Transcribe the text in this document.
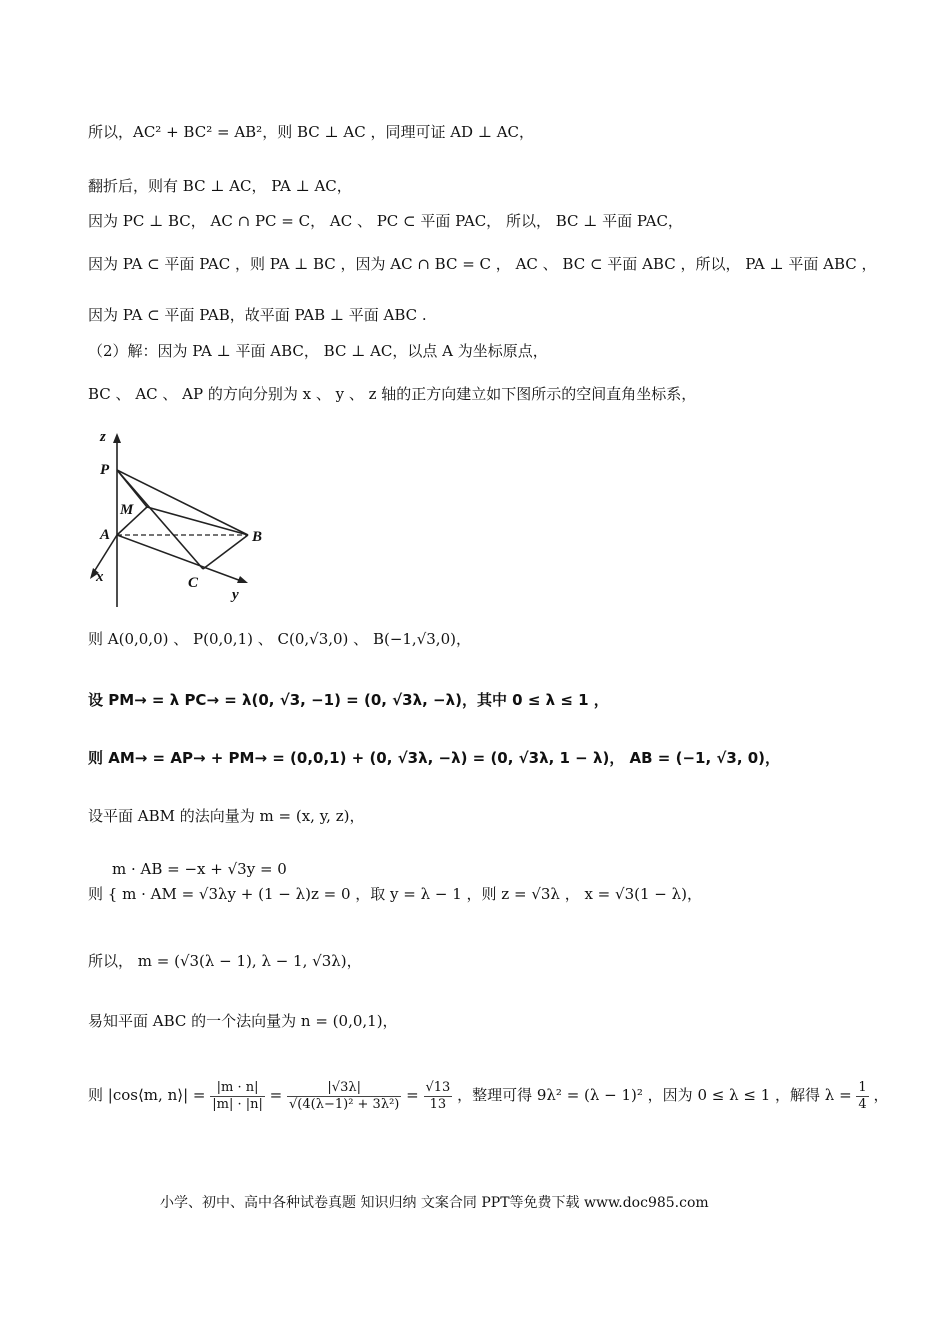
所以，AC² + BC² = AB²，则 BC ⊥ AC ，同理可证 AD ⊥ AC，
翻折后，则有 BC ⊥ AC， PA ⊥ AC，
因为 PC ⊥ BC， AC ∩ PC = C， AC 、 PC ⊂ 平面 PAC， 所以， BC ⊥ 平面 PAC，
因为 PA ⊂ 平面 PAC ，则 PA ⊥ BC ，因为 AC ∩ BC = C ， AC 、 BC ⊂ 平面 ABC ，所以， PA ⊥ 平面 ABC ，
因为 PA ⊂ 平面 PAB，故平面 PAB ⊥ 平面 ABC .
（2）解：因为 PA ⊥ 平面 ABC， BC ⊥ AC，以点 A 为坐标原点，
BC 、 AC 、 AP 的方向分别为 x 、 y 、 z 轴的正方向建立如下图所示的空间直角坐标系，
z
P
M
A	B
C
x
y
则 A(0,0,0) 、 P(0,0,1) 、 C(0,√3,0) 、 B(−1,√3,0)，
设 PM→ = λ PC→ = λ(0, √3, −1) = (0, √3λ, −λ)，其中 0 ≤ λ ≤ 1 ，
则 AM→ = AP→ + PM→ = (0,0,1) + (0, √3λ, −λ) = (0, √3λ, 1 − λ)， AB = (−1, √3, 0)，
设平面 ABM 的法向量为 m = (x, y, z)，
m · AB = −x + √3y = 0
则 { m · AM = √3λy + (1 − λ)z = 0 ，取 y = λ − 1 ，则 z = √3λ ， x = √3(1 − λ)，
所以， m = (√3(λ − 1), λ − 1, √3λ)，
易知平面 ABC 的一个法向量为 n = (0,0,1)，
则 |cos⟨m, n⟩| = $\frac{|m \cdot n|}{|m| \cdot |n|} = \frac{|√3\lambda|}{\text{√(4(λ−1)² + 3λ²)}} = \frac{√13}{13}$ ，整理可得 9λ² = (λ − 1)² ，因为 0 ≤ λ ≤ 1 ，解得 $\lambda = \frac{1}{4}$ ，
小学、初中、高中各种试卷真题 知识归纳 文案合同 PPT等免费下载 www.doc985.com
